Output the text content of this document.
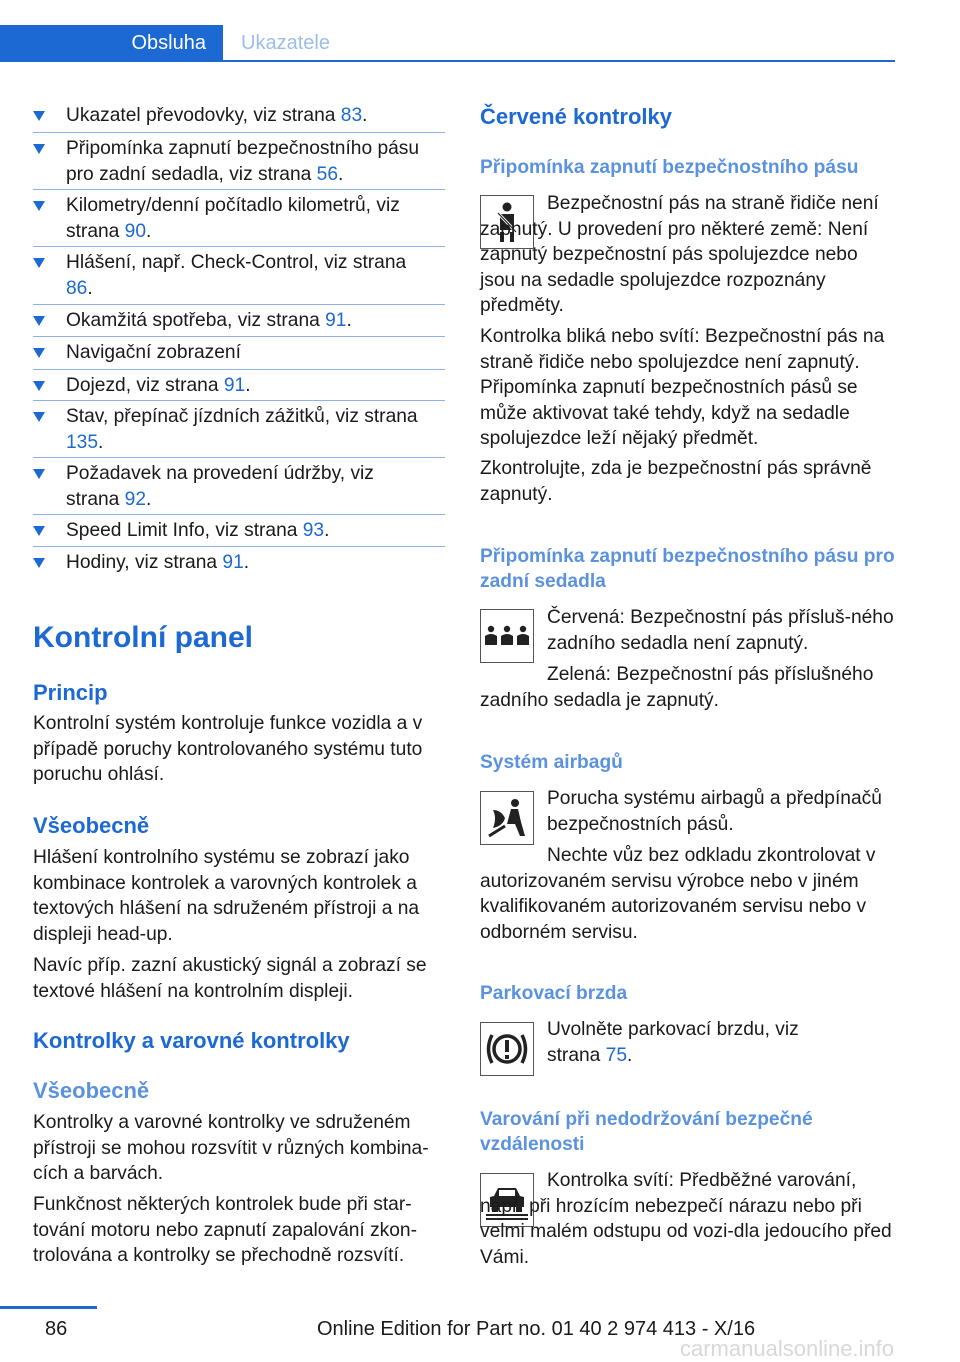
Obsluha Ukazatele
Ukazatel převodovky, viz strana 83.
Připomínka zapnutí bezpečnostního pásu pro zadní sedadla, viz strana 56.
Kilometry/denní počítadlo kilometrů, viz strana 90.
Hlášení, např. Check-Control, viz strana 86.
Okamžitá spotřeba, viz strana 91.
Navigační zobrazení
Dojezd, viz strana 91.
Stav, přepínač jízdních zážitků, viz strana 135.
Požadavek na provedení údržby, viz strana 92.
Speed Limit Info, viz strana 93.
Hodiny, viz strana 91.
Kontrolní panel
Princip

Kontrolní systém kontroluje funkce vozidla a v případě poruchy kontrolovaného systému tuto poruchu ohlásí.

Všeobecně

Hlášení kontrolního systému se zobrazí jako kombinace kontrolek a varovných kontrolek a textových hlášení na sdruženém přístroji a na displeji head-up.

Navíc příp. zazní akustický signál a zobrazí se textové hlášení na kontrolním displeji.

Kontrolky a varovné kontrolky
Všeobecně

Kontrolky a varovné kontrolky ve sdruženém přístroji se mohou rozsvítit v různých kombina-cích a barvách.

Funkčnost některých kontrolek bude při star-tování motoru nebo zapnutí zapalování zkon-trolována a kontrolky se přechodně rozsvítí.

Červené kontrolky
Připomínka zapnutí bezpečnostního pásu

Bezpečnostní pás na straně řidiče není zapnutý. U provedení pro některé země: Není zapnutý bezpečnostní pás spolujezdce nebo jsou na sedadle spolujezdce rozpoznány předměty.

Kontrolka bliká nebo svítí: Bezpečnostní pás na straně řidiče nebo spolujezdce není zapnutý. Připomínka zapnutí bezpečnostních pásů se může aktivovat také tehdy, když na sedadle spolujezdce leží nějaký předmět.

Zkontrolujte, zda je bezpečnostní pás správně zapnutý.

Připomínka zapnutí bezpečnostního pásu pro zadní sedadla

Červená: Bezpečnostní pás přísluš-ného zadního sedadla není zapnutý.

Zelená: Bezpečnostní pás příslušného zadního sedadla je zapnutý.

Systém airbagů

Porucha systému airbagů a předpínačů bezpečnostních pásů.

Nechte vůz bez odkladu zkontrolovat v autorizovaném servisu výrobce nebo v jiném kvalifikovaném autorizovaném servisu nebo v odborném servisu.

Parkovací brzda

Uvolněte parkovací brzdu, viz strana 75.

Varování při nedodržování bezpečné vzdálenosti

Kontrolka svítí: Předběžné varování, např. při hrozícím nebezpečí nárazu nebo při velmi malém odstupu od vozi-dla jedoucího před Vámi.

86	Online Edition for Part no. 01 40 2 974 413 - X/16
carmanualsonline.info
